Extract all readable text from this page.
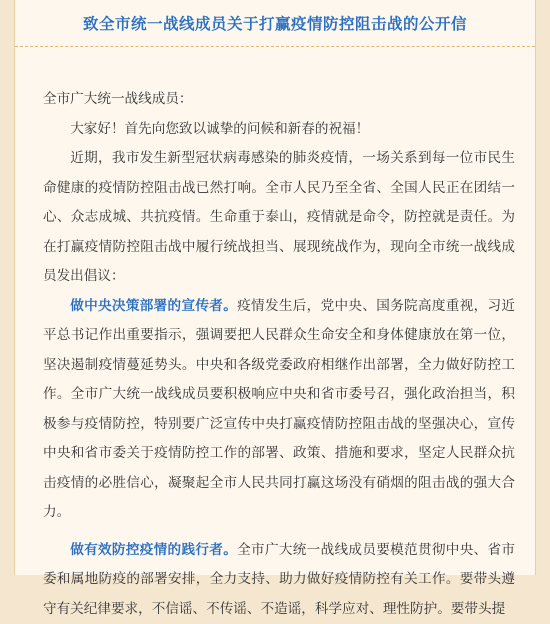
致全市统一战线成员关于打赢疫情防控阻击战的公开信

全市广大统一战线成员：

大家好！首先向您致以诚挚的问候和新春的祝福！

近期，我市发生新型冠状病毒感染的肺炎疫情，一场关系到每一位市民生命健康的疫情防控阻击战已然打响。全市人民乃至全省、全国人民正在团结一心、众志成城、共抗疫情。生命重于泰山，疫情就是命令，防控就是责任。为在打赢疫情防控阻击战中履行统战担当、展现统战作为，现向全市统一战线成员发出倡议：

做中央决策部署的宣传者。疫情发生后，党中央、国务院高度重视，习近平总书记作出重要指示，强调要把人民群众生命安全和身体健康放在第一位，坚决遏制疫情蔓延势头。中央和各级党委政府相继作出部署，全力做好防控工作。全市广大统一战线成员要积极响应中央和省市委号召，强化政治担当，积极参与疫情防控，特别要广泛宣传中央打赢疫情防控阻击战的坚强决心，宣传中央和省市委关于疫情防控工作的部署、政策、措施和要求，坚定人民群众抗击疫情的必胜信心，凝聚起全市人民共同打赢这场没有硝烟的阻击战的强大合力。

做有效防控疫情的践行者。全市广大统一战线成员要模范贯彻中央、省市委和属地防疫的部署安排，全力支持、助力做好疫情防控有关工作。要带头遵守有关纪律要求，不信谣、不传谣、不造谣，科学应对、理性防护。要带头提
